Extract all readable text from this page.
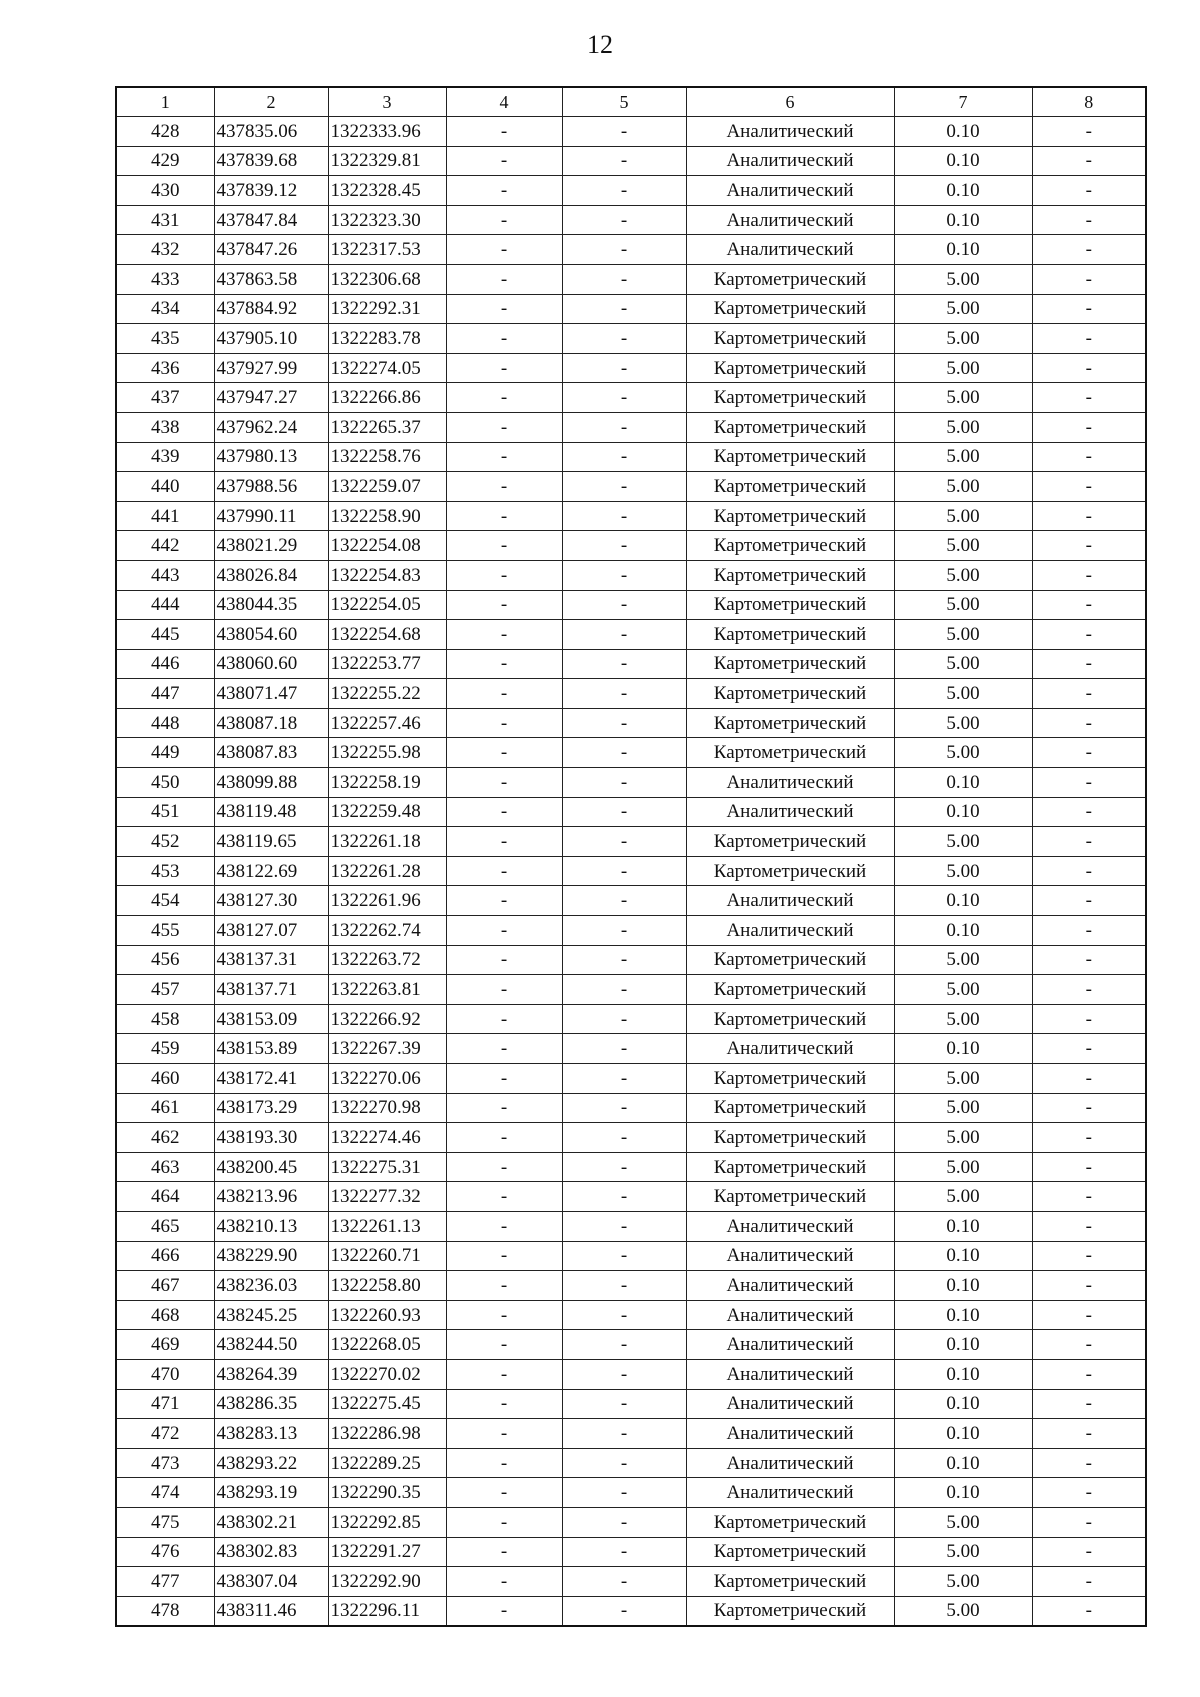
12
1	2	3	4	5	6	7	8
428	437835.06	1322333.96	-	-	Аналитический	0.10	-
429	437839.68	1322329.81	-	-	Аналитический	0.10	-
430	437839.12	1322328.45	-	-	Аналитический	0.10	-
431	437847.84	1322323.30	-	-	Аналитический	0.10	-
432	437847.26	1322317.53	-	-	Аналитический	0.10	-
433	437863.58	1322306.68	-	-	Картометрический	5.00	-
434	437884.92	1322292.31	-	-	Картометрический	5.00	-
435	437905.10	1322283.78	-	-	Картометрический	5.00	-
436	437927.99	1322274.05	-	-	Картометрический	5.00	-
437	437947.27	1322266.86	-	-	Картометрический	5.00	-
438	437962.24	1322265.37	-	-	Картометрический	5.00	-
439	437980.13	1322258.76	-	-	Картометрический	5.00	-
440	437988.56	1322259.07	-	-	Картометрический	5.00	-
441	437990.11	1322258.90	-	-	Картометрический	5.00	-
442	438021.29	1322254.08	-	-	Картометрический	5.00	-
443	438026.84	1322254.83	-	-	Картометрический	5.00	-
444	438044.35	1322254.05	-	-	Картометрический	5.00	-
445	438054.60	1322254.68	-	-	Картометрический	5.00	-
446	438060.60	1322253.77	-	-	Картометрический	5.00	-
447	438071.47	1322255.22	-	-	Картометрический	5.00	-
448	438087.18	1322257.46	-	-	Картометрический	5.00	-
449	438087.83	1322255.98	-	-	Картометрический	5.00	-
450	438099.88	1322258.19	-	-	Аналитический	0.10	-
451	438119.48	1322259.48	-	-	Аналитический	0.10	-
452	438119.65	1322261.18	-	-	Картометрический	5.00	-
453	438122.69	1322261.28	-	-	Картометрический	5.00	-
454	438127.30	1322261.96	-	-	Аналитический	0.10	-
455	438127.07	1322262.74	-	-	Аналитический	0.10	-
456	438137.31	1322263.72	-	-	Картометрический	5.00	-
457	438137.71	1322263.81	-	-	Картометрический	5.00	-
458	438153.09	1322266.92	-	-	Картометрический	5.00	-
459	438153.89	1322267.39	-	-	Аналитический	0.10	-
460	438172.41	1322270.06	-	-	Картометрический	5.00	-
461	438173.29	1322270.98	-	-	Картометрический	5.00	-
462	438193.30	1322274.46	-	-	Картометрический	5.00	-
463	438200.45	1322275.31	-	-	Картометрический	5.00	-
464	438213.96	1322277.32	-	-	Картометрический	5.00	-
465	438210.13	1322261.13	-	-	Аналитический	0.10	-
466	438229.90	1322260.71	-	-	Аналитический	0.10	-
467	438236.03	1322258.80	-	-	Аналитический	0.10	-
468	438245.25	1322260.93	-	-	Аналитический	0.10	-
469	438244.50	1322268.05	-	-	Аналитический	0.10	-
470	438264.39	1322270.02	-	-	Аналитический	0.10	-
471	438286.35	1322275.45	-	-	Аналитический	0.10	-
472	438283.13	1322286.98	-	-	Аналитический	0.10	-
473	438293.22	1322289.25	-	-	Аналитический	0.10	-
474	438293.19	1322290.35	-	-	Аналитический	0.10	-
475	438302.21	1322292.85	-	-	Картометрический	5.00	-
476	438302.83	1322291.27	-	-	Картометрический	5.00	-
477	438307.04	1322292.90	-	-	Картометрический	5.00	-
478	438311.46	1322296.11	-	-	Картометрический	5.00	-
